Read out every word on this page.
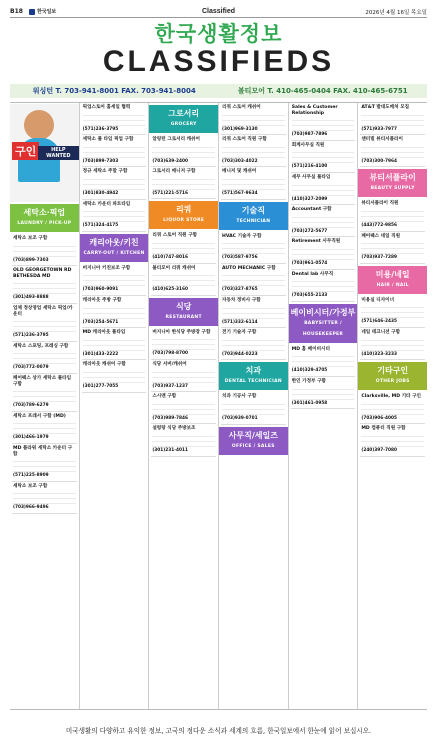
B18	한국일보	Classified	2026년 4월 16일 목요일
한국생활정보
CLASSIFIEDS
워싱턴 T. 703-941-8001 FAX. 703-941-8004	볼티모어 T. 410-465-0404 FAX. 410-465-6751
구인	HELP WANTED
세탁소·픽업
LAUNDRY / PICK-UP
세탁소 보조 구함
(703)899-7303
OLD GEORGETOWN RD BETHESDA MD
(301)493-8888
업체 정상영업 세탁소 픽업/카운터
(571)236-3795
세탁소 스포팅, 프레싱 구함
(703)772-0079
페어팩스 상가 세탁소 풀타임 구함
(703)789-6279
세탁소 프레서 구함 (MD)
(301)466-1979
MD 플라워 세탁소 카운터 구함
(571)225-8909
세탁소 보조 구함
(703)966-9496
픽업스토어 홈세일 협력
(571)236-3795
세탁소 풀 타임 픽업 구함
(703)899-7303
정규 세탁소 주말 구함
(301)830-4942
세탁소 카운터 파트타임
(571)324-4175
캐리아웃/키친
CARRY-OUT / KITCHEN
버지니아 키친보조 구함
(703)960-9091
캐리아웃 주방 구함
(703)254-5671
MD 캐리아웃 풀타임
(301)433-2222
캐리아웃 캐쉬어 구함
(301)277-7055
그로서리
GROCERY
알링턴 그로서리 캐쉬어
(703)639-2400
그로서리 매니저 구함
(571)221-5716
리쿼
LIQUOR STORE
리쿼 스토어 직원 구함
(410)747-8016
볼티모어 리쿼 캐쉬어
(410)625-3160
식당
RESTAURANT
버지니아 한식당 주방장 구함
(703)798-8700
식당 서버/캐쉬어
(703)937-1237
스시맨 구함
(703)989-7846
설렁탕 식당 주방보조
(301)231-4011
리쿼 스토어 캐쉬어
(301)969-3130
리쿼 스토어 직원 구함
(703)303-4022
매니저 및 캐쉬어
(571)567-9634
기술직
TECHNICIAN
HVAC 기술자 구함
(703)587-9756
AUTO MECHANIC 구함
(703)327-8765
자동차 정비사 구함
(571)332-6114
전기 기술자 구함
(703)944-0223
치과
DENTAL TECHNICIAN
치과 기공사 구함
(703)939-0701
사무직/세일즈
OFFICE / SALES
Sales & Customer Relationship
(703)987-7896
회계사무실 직원
(571)216-4100
세무 사무실 풀타임
(410)327-2099
Accountant 구함
(703)272-5677
Retirement 사무직원
(703)961-0574
Dental lab 사무직
(703)655-2133
베이비시터/가정부
BABYSITTER / HOUSEKEEPER
MD 홈 베이비시터
(410)329-4705
한인 가정부 구함
(301)461-0958
AT&T 발대도매처 모집
(571)933-7977
센터빌 뷰티서플라이
(703)300-7964
뷰티서플라이
BEAUTY SUPPLY
뷰티서플라이 직원
(443)772-9856
페어팩스 네일 직원
(703)937-7289
미용/네일
HAIR / NAIL
미용실 디자이너
(571)646-2435
네일 테크니션 구함
(410)323-3233
기타구인
OTHER JOBS
Clarksville, MD 기타 구인
(703)906-4005
MD 컴퓨터 직원 구함
(240)397-7080
미국생활의 다양하고 유익한 정보, 고국의 정다운 소식과 세계의 흐름, 한국일보에서 한눈에 읽어 보십시오.
